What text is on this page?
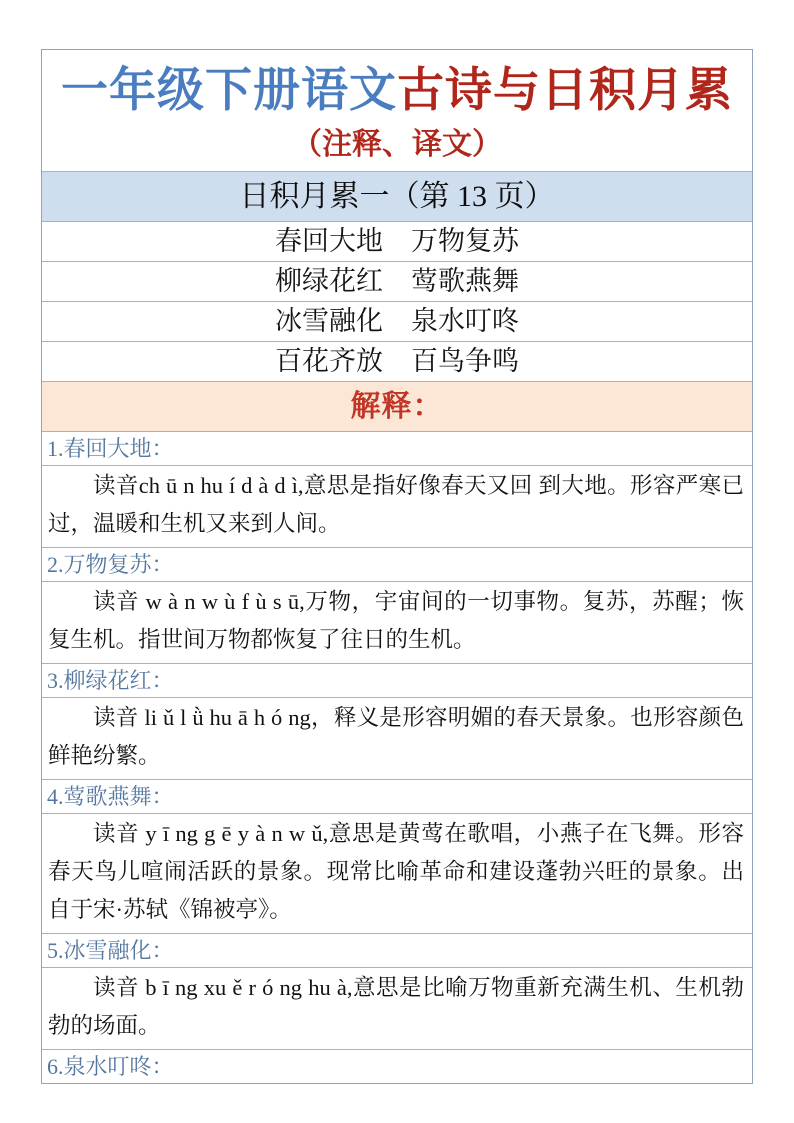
一年级下册语文古诗与日积月累
（注释、译文）
日积月累一（第 13 页）
春回大地 万物复苏
柳绿花红 莺歌燕舞
冰雪融化 泉水叮咚
百花齐放 百鸟争鸣
解释：
1.春回大地：
读音ch ū n hu í d à d ì,意思是指好像春天又回 到大地。形容严寒已过，温暖和生机又来到人间。
2.万物复苏：
读音 w à n w ù f ù s ū,万物，宇宙间的一切事物。复苏，苏醒；恢复生机。指世间万物都恢复了往日的生机。
3.柳绿花红：
读音 li ǔ l ǜ hu ā h ó ng，释义是形容明媚的春天景象。也形容颜色鲜艳纷繁。
4.莺歌燕舞：
读音 y ī ng g ē y à n w ǔ,意思是黄莺在歌唱，小燕子在飞舞。形容春天鸟儿喧闹活跃的景象。现常比喻革命和建设蓬勃兴旺的景象。出自于宋·苏轼《锦被亭》。
5.冰雪融化：
读音 b ī ng xu ě r ó ng hu à,意思是比喻万物重新充满生机、生机勃勃的场面。
6.泉水叮咚：
